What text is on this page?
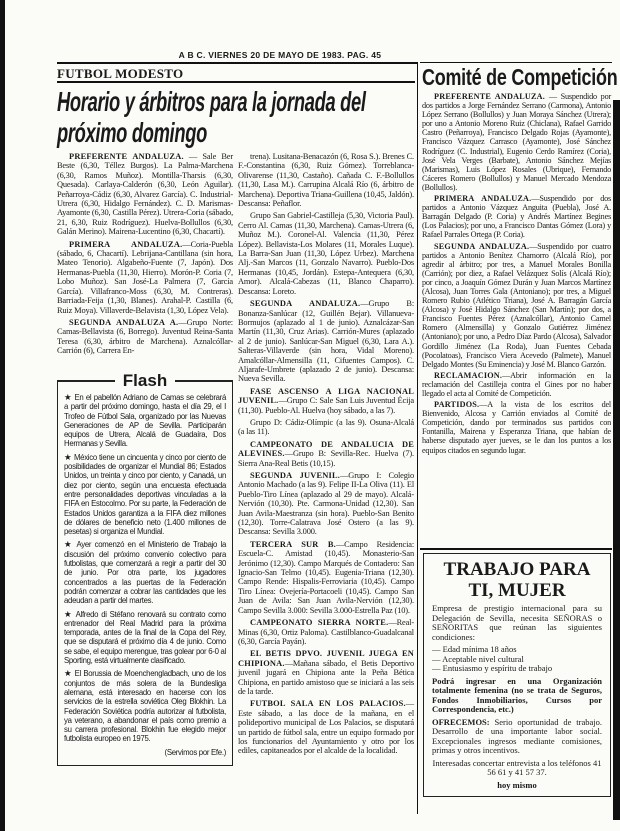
A B C. VIERNES 20 DE MAYO DE 1983. PAG. 45
FUTBOL MODESTO
Horario y árbitros para la jornada del próximo domingo

PREFERENTE ANDALUZA. — Sale Ber Beste (6,30, Téllez Burgos). La Palma-Marchena (6,30, Ramos Muñoz). Montilla-Tharsis (6,30, Quesada). Carlaya-Calderón (6,30, León Aguilar). Peñarroya-Cádiz (6,30, Alvarez García). C. Industrial-Utrera (6,30, Hidalgo Fernández). C. D. Marismas-Ayamonte (6,30, Castilla Pérez). Utrera-Coria (sábado, 21, 6,30, Ruiz Rodríguez). Huelva-Bollullos (6,30, Galán Merino). Mairena-Lucentino (6,30, Chacartí).

PRIMERA ANDALUZA.—Coria-Puebla (sábado, 6, Chacartí). Lebrijana-Cantillana (sin hora, Mateo Tenorio). Algabeño-Fuente (7, Japón). Dos Hermanas-Puebla (11,30, Hierro). Morón-P. Coria (7, Lobo Muñoz). San José-La Palmera (7, García García). Villafranco-Moss (6,30, M. Contreras). Barriada-Feija (1,30, Blanes). Arahal-P. Castilla (6, Ruiz Moya). Villaverde-Belavista (1,30, López Vela).

SEGUNDA ANDALUZA A.—Grupo Norte: Camas-Bellavista (6, Borrego). Juventud Reina-Santa Teresa (6,30, árbitro de Marchena). Aznalcóllar-Carrión (6), Carrera En-

Flash

★ En el pabellón Adriano de Camas se celebrará a partir del próximo domingo, hasta el día 29, el I Trofeo de Fútbol Sala, organizado por las Nuevas Generaciones de AP de Sevilla. Participarán equipos de Utrera, Alcalá de Guadaíra, Dos Hermanas y Sevilla.

★ México tiene un cincuenta y cinco por ciento de posibilidades de organizar el Mundial 86; Estados Unidos, un treinta y cinco por ciento, y Canadá, un diez por ciento, según una encuesta efectuada entre personalidades deportivas vinculadas a la FIFA en Estocolmo. Por su parte, la Federación de Estados Unidos garantiza a la FIFA diez millones de dólares de beneficio neto (1.400 millones de pesetas) si organiza el Mundial.

★ Ayer comenzó en el Ministerio de Trabajo la discusión del próximo convenio colectivo para futbolistas, que comenzará a regir a partir del 30 de junio. Por otra parte, los jugadores concentrados a las puertas de la Federación podrán comenzar a cobrar las cantidades que les adeudan a partir del martes.

★ Alfredo di Stéfano renovará su contrato como entrenador del Real Madrid para la próxima temporada, antes de la final de la Copa del Rey, que se disputará el próximo día 4 de junio. Como se sabe, el equipo merengue, tras golear por 6-0 al Sporting, está virtualmente clasificado.

★ El Borussia de Moenchengladbach, uno de los conjuntos de más solera de la Bundesliga alemana, está interesado en hacerse con los servicios de la estrella soviética Oleg Blokhin. La Federación Soviética podría autorizar al futbolista, ya veterano, a abandonar el país como premio a su carrera profesional. Blokhin fue elegido mejor futbolista europeo en 1975.

(Servimos por Efe.)

trena). Lusitana-Benacazón (6, Rosa S.). Brenes C. F.-Constantina (6,30, Ruiz Gómez). Torreblanca-Olivarense (11,30, Castaño). Cañada C. F.-Bollullos (11,30, Lasa M.). Carrupina Alcalá Río (6, árbitro de Marchena). Deportiva Triana-Guillena (10,45, Jaldón). Descansa: Peñaflor.

Grupo San Gabriel-Castilleja (5,30, Victoria Paul). Cerro Al. Camas (11,30, Marchena). Camas-Utrera (6, Muñoz M.). Coronel-Al. Valencia (11,30, Pérez López). Bellavista-Los Molares (11, Morales Luque). La Barra-San Juan (11,30, López Urbez). Marchena Alj.-San Marcos (11, Gonzalo Navarro). Pueblo-Dos Hermanas (10,45, Jordán). Estepa-Antequera (6,30, Amor). Alcalá-Cabezas (11, Blanco Chaparro). Descansa: Loreto.

SEGUNDA ANDALUZA.—Grupo B: Bonanza-Sanlúcar (12, Guillén Bejar). Villanueva-Bormujos (aplazado al 1 de junio). Aznalcázar-San Martín (11,30, Cruz Arias). Carrión-Mures (aplazado al 2 de junio). Sanlúcar-San Miguel (6,30, Lara A.). Salteras-Villaverde (sin hora, Vidal Moreno). Amalcóllar-Almensilla (11, Cifuentes Campos). C. Aljarafe-Umbrete (aplazado 2 de junio). Descansa: Nueva Sevilla.

FASE ASCENSO A LIGA NACIONAL JUVENIL.—Grupo C: Sale San Luis Juventud Écija (11,30). Pueblo-Al. Huelva (hoy sábado, a las 7).

Grupo D: Cádiz-Olímpic (a las 9). Osuna-Alcalá (a las 11).

CAMPEONATO DE ANDALUCIA DE ALEVINES.—Grupo B: Sevilla-Rec. Huelva (7). Sierra Ana-Real Betis (10,15).

SEGUNDA JUVENIL.—Grupo I: Colegio Antonio Machado (a las 9). Felipe II-La Oliva (11). El Pueblo-Tiro Línea (aplazado al 29 de mayo). Alcalá-Nervión (10,30). Pte. Carmona-Unidad (12,30). San Juan Avila-Maestranza (sin hora). Pueblo-San Benito (12,30). Torre-Calatrava José Ostero (a las 9). Descansa: Sevilla 3.000.

TERCERA SUR B.—Campo Residencia: Escuela-C. Amistad (10,45). Monasterio-San Jerónimo (12,30). Campo Marqués de Contadero: San Ignacio-San Telmo (10,45). Eugenia-Triana (12,30). Campo Rende: Hispalis-Ferroviaria (10,45). Campo Tiro Línea: Ovejería-Portacoeli (10,45). Campo San Juan de Avila: San Juan Avila-Nervión (12,30). Campo Sevilla 3.000: Sevilla 3.000-Estrella Paz (10).

CAMPEONATO SIERRA NORTE.—Real-Minas (6,30, Ortiz Paloma). Castilblanco-Guadalcanal (6,30, García Payán).

EL BETIS DPVO. JUVENIL JUEGA EN CHIPIONA.—Mañana sábado, el Betis Deportivo juvenil jugará en Chipiona ante la Peña Bética Chipiona, en partido amistoso que se iniciará a las seis de la tarde.

FUTBOL SALA EN LOS PALACIOS.—Este sábado, a las doce de la mañana, en el polideportivo municipal de Los Palacios, se disputará un partido de fútbol sala, entre un equipo formado por los funcionarios del Ayuntamiento y otro por los ediles, capitaneados por el alcalde de la localidad.

Comité de Competición

PREFERENTE ANDALUZA. — Suspendido por dos partidos a Jorge Fernández Serrano (Carmona), Antonio López Serrano (Bollullos) y Juan Moraya Sánchez (Utrera); por uno a Antonio Moreno Ruiz (Chiclana), Rafael Garrido Castro (Peñarroya), Francisco Delgado Rojas (Ayamonte), Francisco Vázquez Carrasco (Ayamonte), José Sánchez Rodríguez (C. Industrial), Eugenio Cerdo Ramírez (Coria), José Vela Verges (Barbate), Antonio Sánchez Mejías (Marismas), Luis López Rosales (Ubrique), Fernando Cáceres Romero (Bollullos) y Manuel Mercado Mendoza (Bollullos).

PRIMERA ANDALUZA.—Suspendido por dos partidos a Antonio Vázquez Anguita (Puebla), José A. Barragán Delgado (P. Coria) y Andrés Martínez Begines (Los Palacios); por uno, a Francisco Dantas Gómez (Lora) y Rafael Parrales Ortega (P. Coria).

SEGUNDA ANDALUZA.—Suspendido por cuatro partidos a Antonio Benítez Chamorro (Alcalá Río), por agredir al árbitro; por tres, a Manuel Morales Bonilla (Carrión); por diez, a Rafael Velázquez Solís (Alcalá Río); por cinco, a Joaquín Gómez Durán y Juan Marcos Martínez (Alcosa), Juan Torres Gala (Antoniano); por tres, a Miguel Romero Rubio (Atlético Triana), José A. Barragán García (Alcosa) y José Hidalgo Sánchez (San Martín); por dos, a Francisco Fuentes Pérez (Aznalcóllar), Antonio Camel Romero (Almensilla) y Gonzalo Gutiérrez Jiménez (Antoniano); por uno, a Pedro Díaz Pardo (Alcosa), Salvador Gordillo Jiménez (La Roda), Juan Fuentes Cebada (Pocolatoas), Francisco Viera Acevedo (Palmete), Manuel Delgado Montes (Su Eminencia) y José M. Blanco Garzón.

RECLAMACION.—Abrir información en la reclamación del Castilleja contra el Gines por no haber llegado el acta al Comité de Competición.

PARTIDOS.—A la vista de los escritos del Bienvenido, Alcosa y Carrión enviados al Comité de Competición, dando por terminados sus partidos con Fontanilla, Mairena y Esperanza Triana, que habían de haberse disputado ayer jueves, se le dan los puntos a los equipos citados en segundo lugar.

TRABAJO PARA TI, MUJER

Empresa de prestigio internacional para su Delegación de Sevilla, necesita SEÑORAS o SEÑORITAS que reúnan las siguientes condiciones:

— Edad mínima 18 años
— Aceptable nivel cultural
— Entusiasmo y espíritu de trabajo

Podrá ingresar en una Organización totalmente femenina (no se trata de Seguros, Fondos Inmobiliarios, Cursos por Correspondencia, etc.)

OFRECEMOS: Serio oportunidad de trabajo. Desarrollo de una importante labor social. Excepcionales ingresos mediante comisiones, primas y otros incentivos.

Interesadas concertar entrevista a los teléfonos 41 56 61 y 41 57 37.

hoy mismo
